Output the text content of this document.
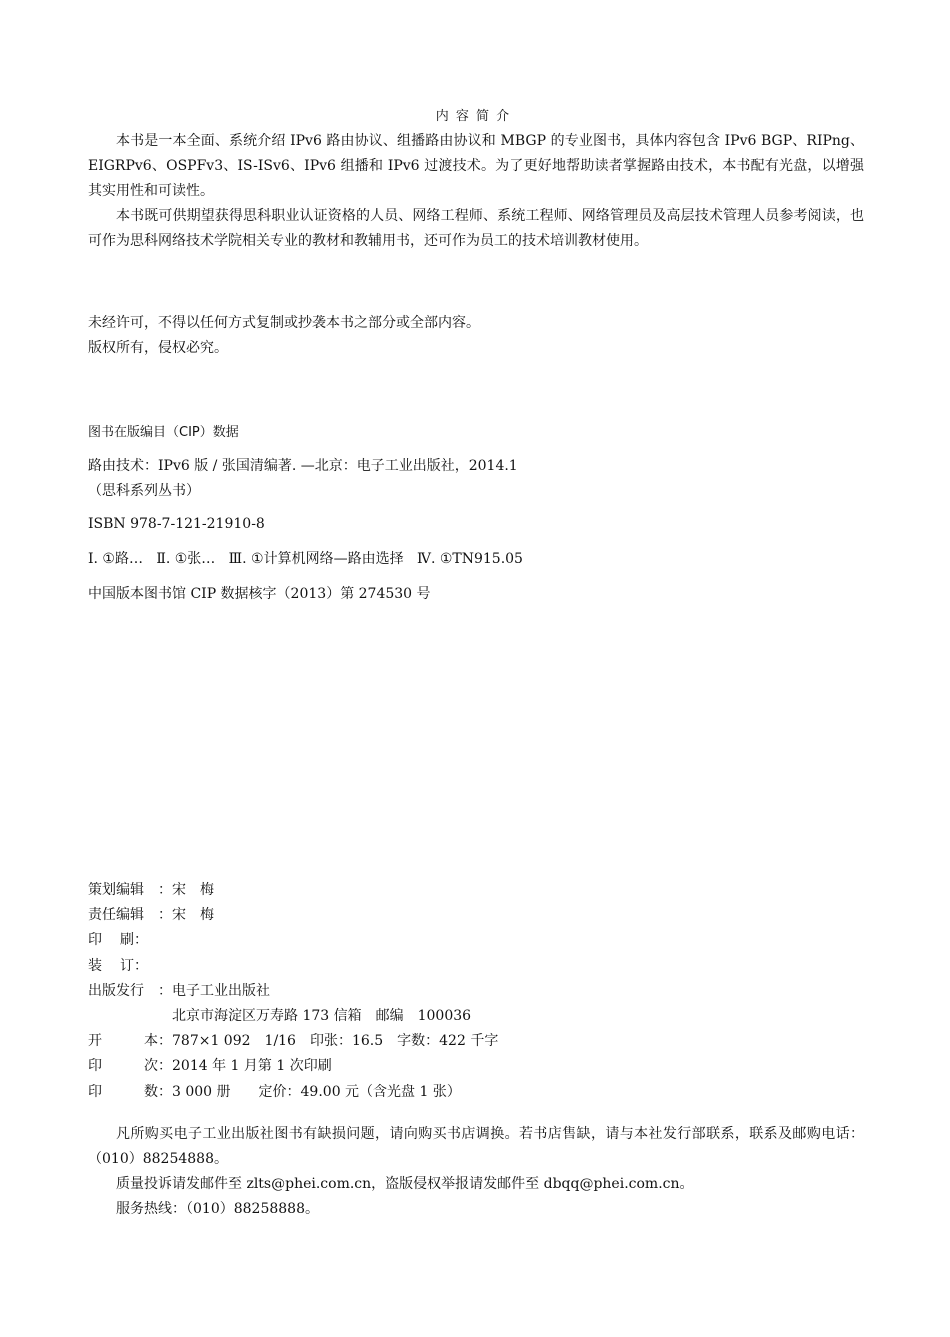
内容简介

本书是一本全面、系统介绍 IPv6 路由协议、组播路由协议和 MBGP 的专业图书，具体内容包含 IPv6 BGP、RIPng、EIGRPv6、OSPFv3、IS-ISv6、IPv6 组播和 IPv6 过渡技术。为了更好地帮助读者掌握路由技术，本书配有光盘，以增强其实用性和可读性。

本书既可供期望获得思科职业认证资格的人员、网络工程师、系统工程师、网络管理员及高层技术管理人员参考阅读，也可作为思科网络技术学院相关专业的教材和教辅用书，还可作为员工的技术培训教材使用。

未经许可，不得以任何方式复制或抄袭本书之部分或全部内容。

版权所有，侵权必究。

图书在版编目（CIP）数据

路由技术：IPv6 版 / 张国清编著. —北京：电子工业出版社，2014.1

（思科系列丛书）

ISBN 978-7-121-21910-8

Ⅰ. ①路…   Ⅱ. ①张…   Ⅲ. ①计算机网络—路由选择   Ⅳ. ①TN915.05

中国版本图书馆 CIP 数据核字（2013）第 274530 号

策划编辑 ： 宋　梅
责任编辑 ： 宋　梅
印 刷：
装 订：
出版发行 ： 电子工业出版社
北京市海淀区万寿路 173 信箱　邮编　100036
开	本： 787×1 092　1/16　印张：16.5　字数：422 千字
印	次： 2014 年 1 月第 1 次印刷
印	数： 3 000 册　　定价：49.00 元（含光盘 1 张）

凡所购买电子工业出版社图书有缺损问题，请向购买书店调换。若书店售缺，请与本社发行部联系，联系及邮购电话：（010）88254888。

质量投诉请发邮件至 zlts@phei.com.cn，盗版侵权举报请发邮件至 dbqq@phei.com.cn。

服务热线：（010）88258888。
